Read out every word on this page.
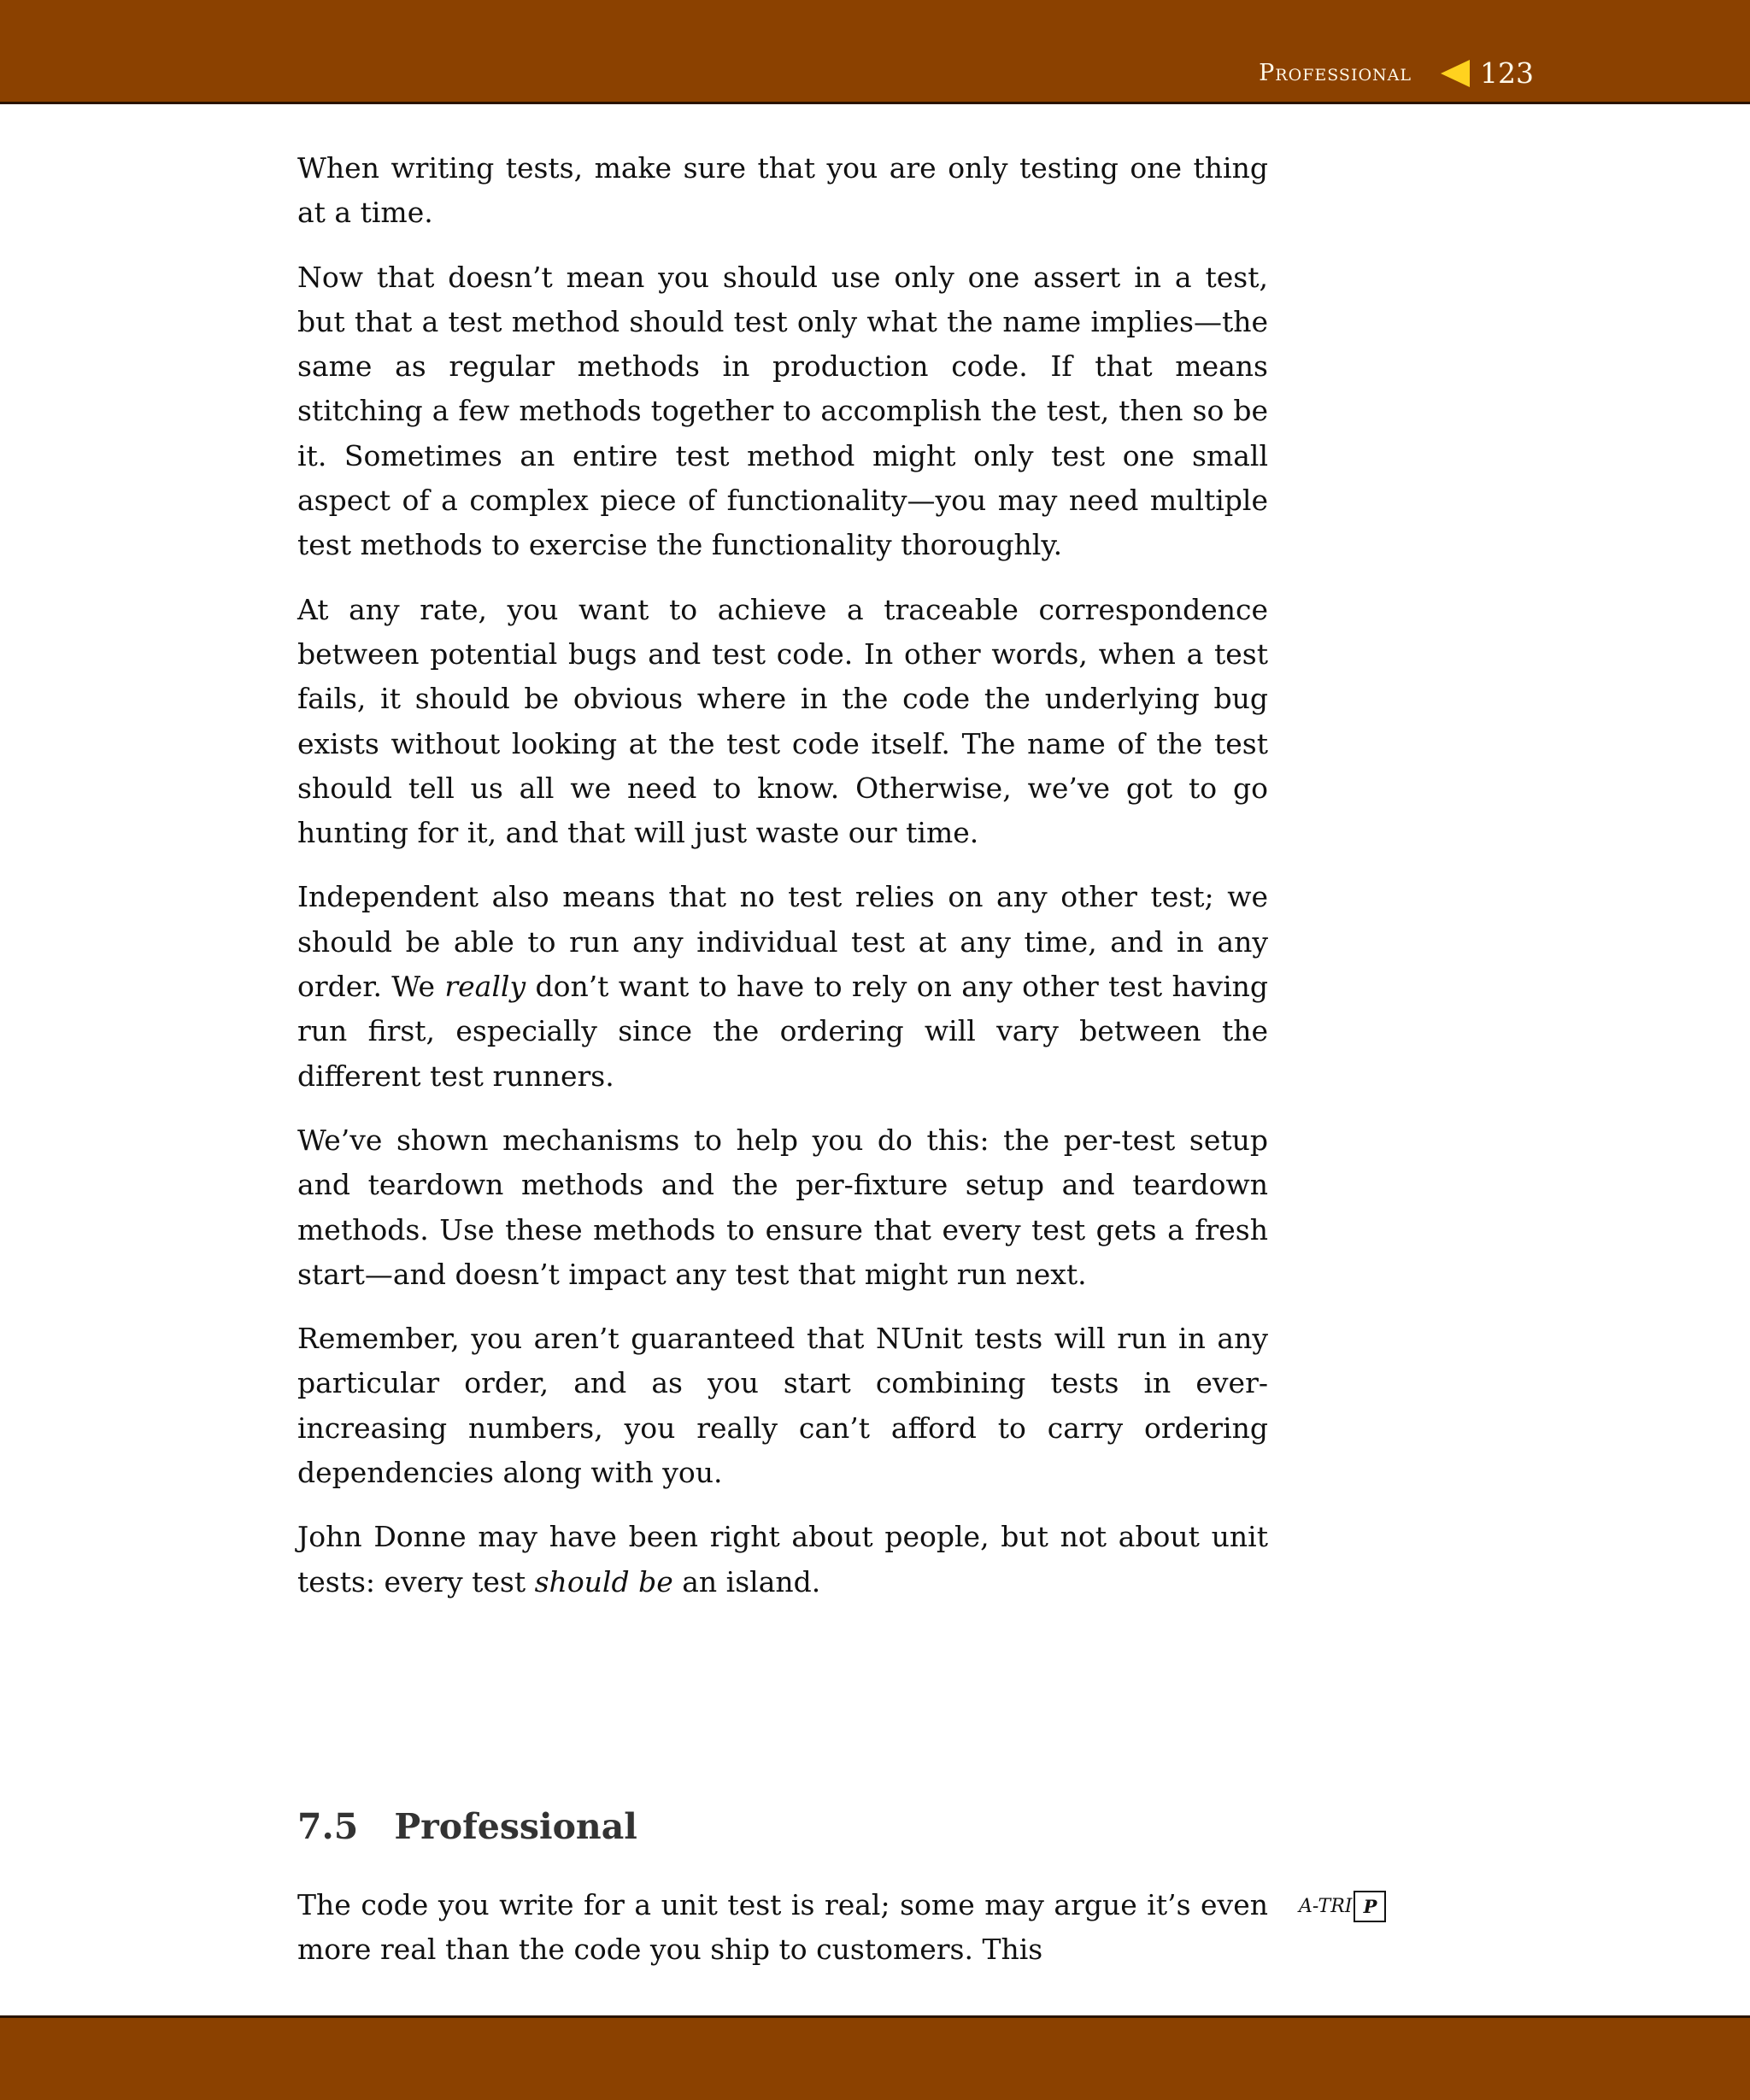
Professional 123

When writing tests, make sure that you are only testing one thing at a time.

Now that doesn’t mean you should use only one assert in a test, but that a test method should test only what the name implies—the same as regular methods in production code. If that means stitching a few methods together to accomplish the test, then so be it. Sometimes an entire test method might only test one small aspect of a complex piece of functionality—you may need multiple test methods to exercise the functionality thoroughly.

At any rate, you want to achieve a traceable correspondence between potential bugs and test code. In other words, when a test fails, it should be obvious where in the code the underlying bug exists without looking at the test code itself. The name of the test should tell us all we need to know. Otherwise, we’ve got to go hunting for it, and that will just waste our time.

Independent also means that no test relies on any other test; we should be able to run any individual test at any time, and in any order. We really don’t want to have to rely on any other test having run first, especially since the ordering will vary between the different test runners.

We’ve shown mechanisms to help you do this: the per-test setup and teardown methods and the per-fixture setup and teardown methods. Use these methods to ensure that every test gets a fresh start—and doesn’t impact any test that might run next.

Remember, you aren’t guaranteed that NUnit tests will run in any particular order, and as you start combining tests in ever-increasing numbers, you really can’t afford to carry ordering dependencies along with you.

John Donne may have been right about people, but not about unit tests: every test should be an island.

7.5 Professional

The code you write for a unit test is real; some may argue it’s even more real than the code you ship to customers. This

A-TRI P
